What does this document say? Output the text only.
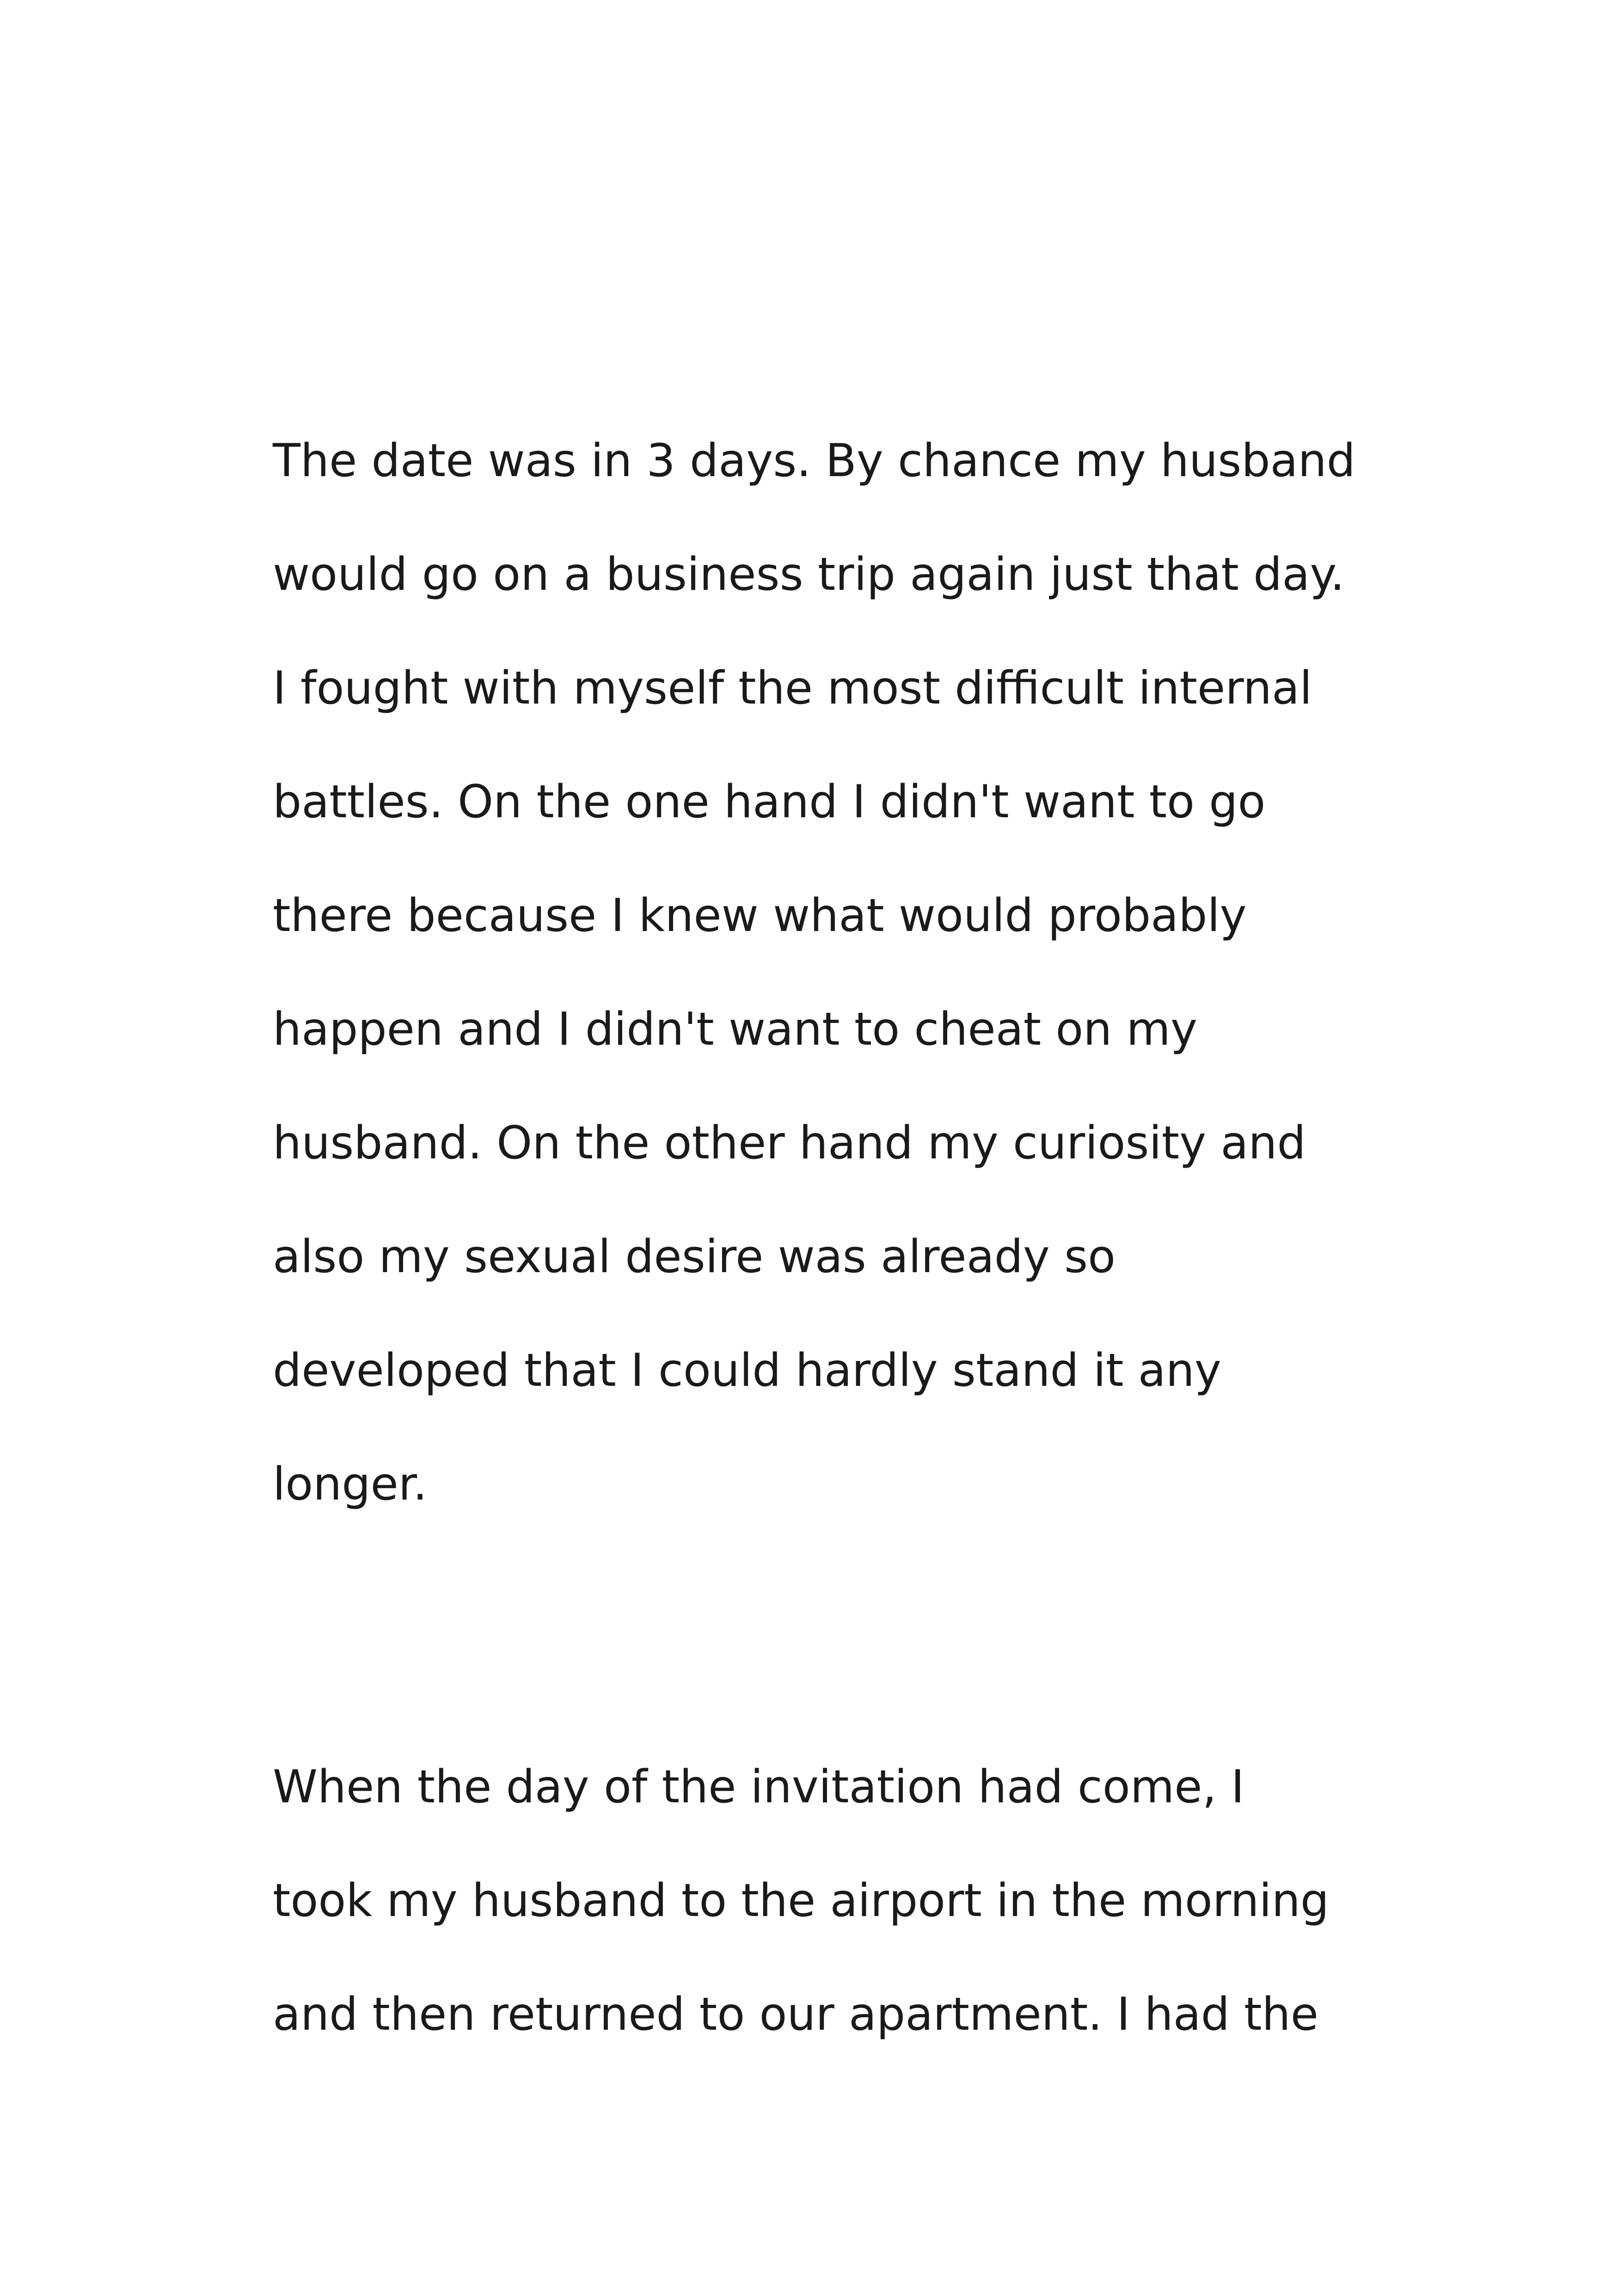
The date was in 3 days. By chance my husband
would go on a business trip again just that day.
I fought with myself the most difficult internal
battles. On the one hand I didn't want to go
there because I knew what would probably
happen and I didn't want to cheat on my
husband. On the other hand my curiosity and
also my sexual desire was already so
developed that I could hardly stand it any
longer.
When the day of the invitation had come, I
took my husband to the airport in the morning
and then returned to our apartment. I had the
